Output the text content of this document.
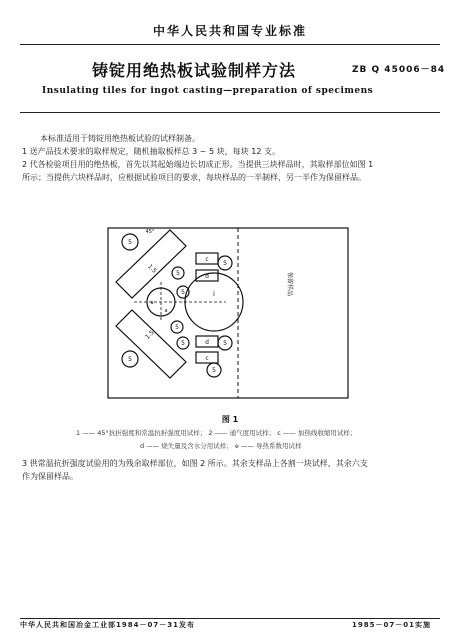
中华人民共和国专业标准
铸锭用绝热板试验制样方法	ZB Q 45006－84
Insulating tiles for ingot casting—preparation of specimens
本标准适用于铸锭用绝热板试验的试样制备。
1 送产品技术要求的取样规定，随机抽取板样总 3 ~ 5 块，每块 12 支。
2 代各检验项目用的绝热板，首先以其起始端边长切成正形。当提供三块样品时，其取样部位如图 1
所示；当提供六块样品时，应根据试验项目的要求，每块样品的一半制样，另一半作为保留样品。
5
5
5
5
5
5	5
5
5
c
d
d
c
i
1.5
1.5
45°
a
a
保留样品
图 1
1 —— 45°抗折强度和常温抗折强度用试样； 2 —— 通气度用试样； c —— 加热线收缩用试样；
d —— 烧失量及含水分用试样； e —— 导热系数用试样
3 供常温抗折强度试验用的为残余取样部位，如图 2 所示。其余支样品上各割一块试样，其余六支
作为保留样品。
中华人民共和国冶金工业部1984－07－31发布	1985－07－01实施
